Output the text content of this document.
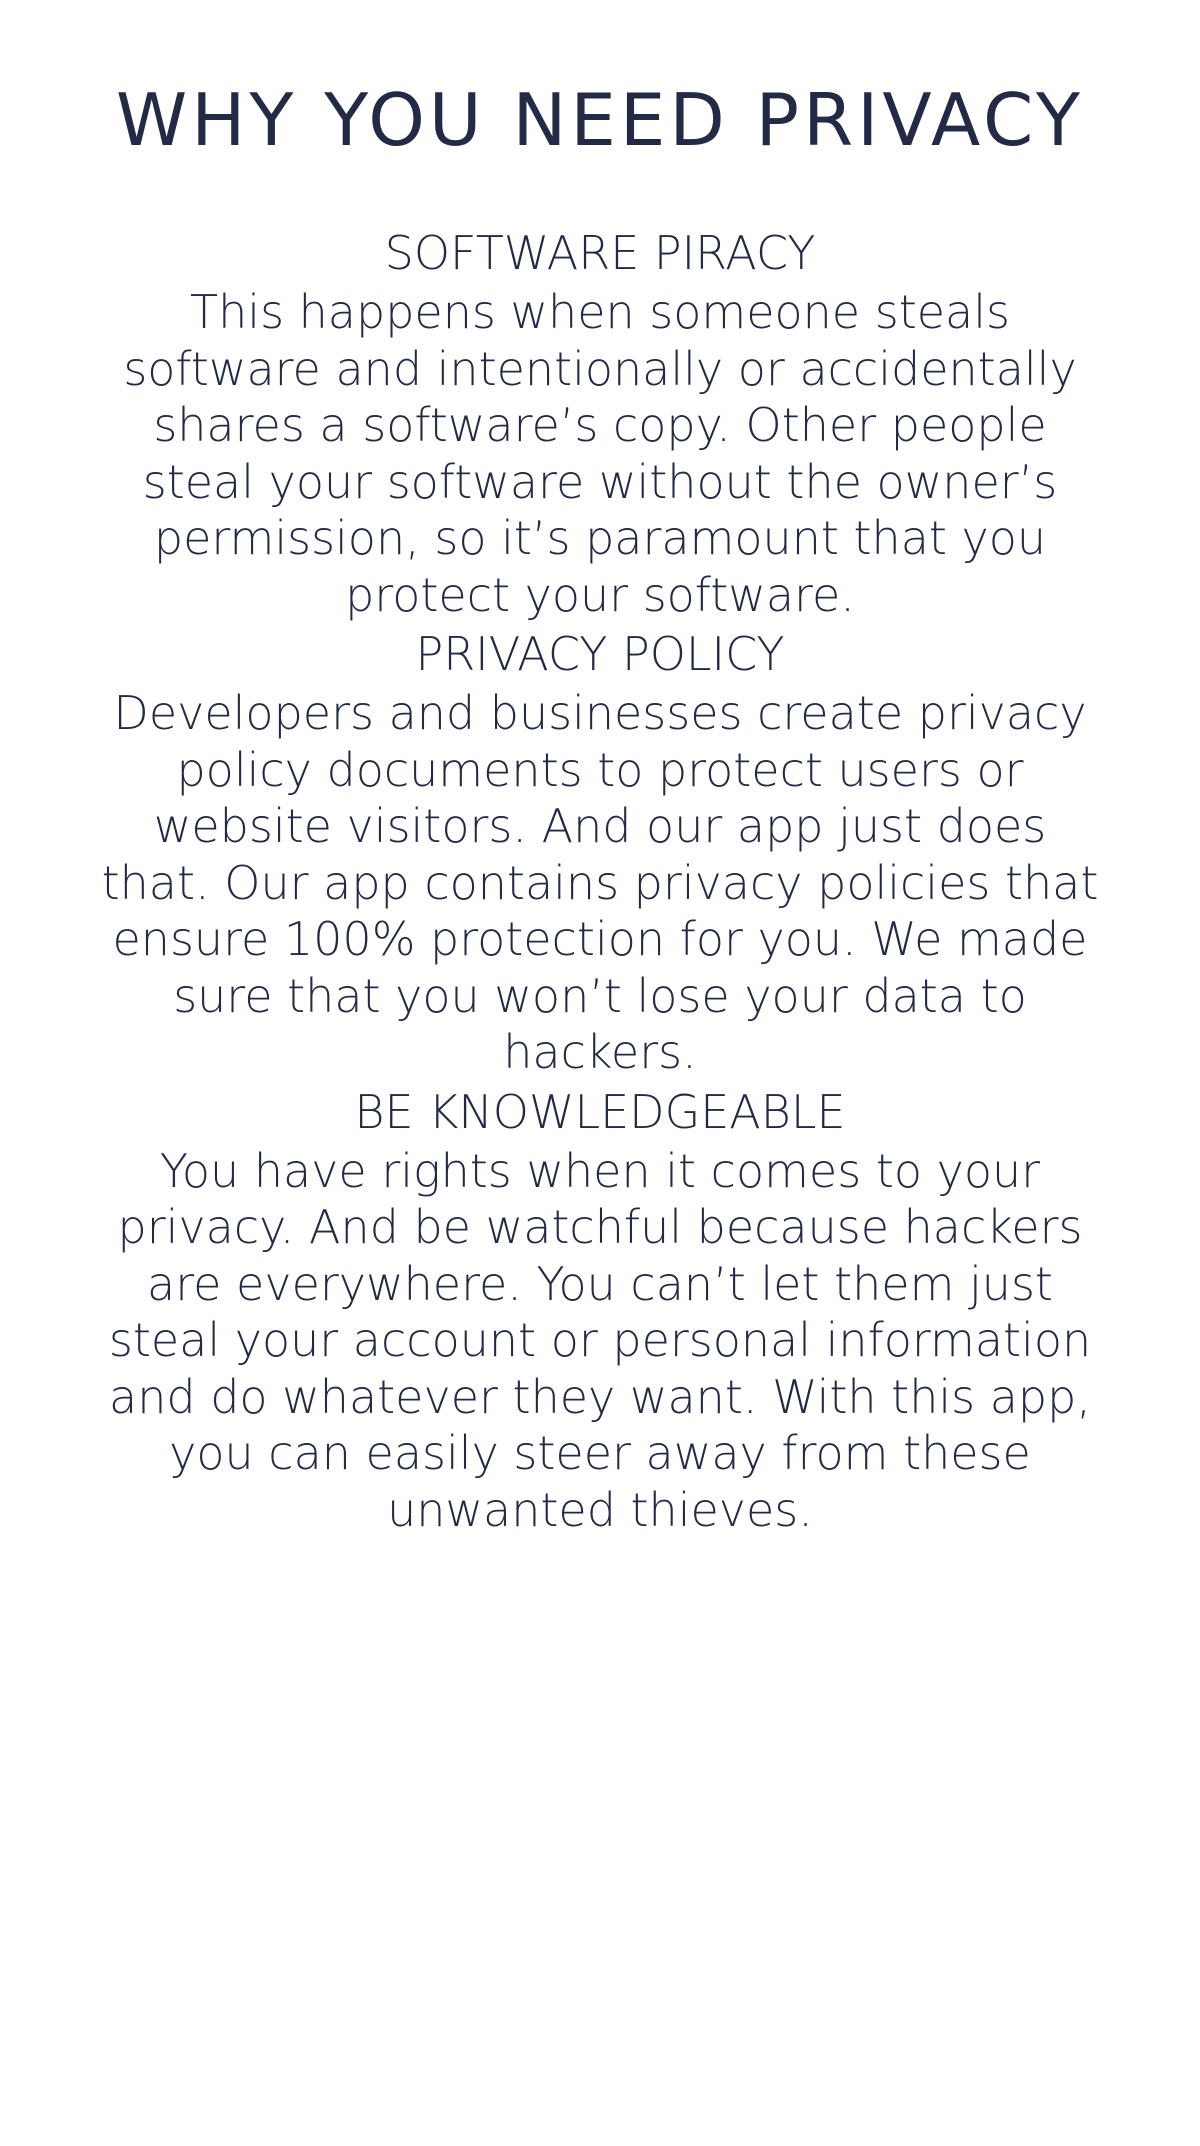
WHY YOU NEED PRIVACY
SOFTWARE PIRACY

This happens when someone steals software and intentionally or accidentally shares a software’s copy. Other people steal your software without the owner’s permission, so it’s paramount that you protect your software.

PRIVACY POLICY

Developers and businesses create privacy policy documents to protect users or website visitors. And our app just does that. Our app contains privacy policies that ensure 100% protection for you. We made sure that you won’t lose your data to hackers.

BE KNOWLEDGEABLE

You have rights when it comes to your privacy. And be watchful because hackers are everywhere. You can’t let them just steal your account or personal information and do whatever they want. With this app, you can easily steer away from these unwanted thieves.
